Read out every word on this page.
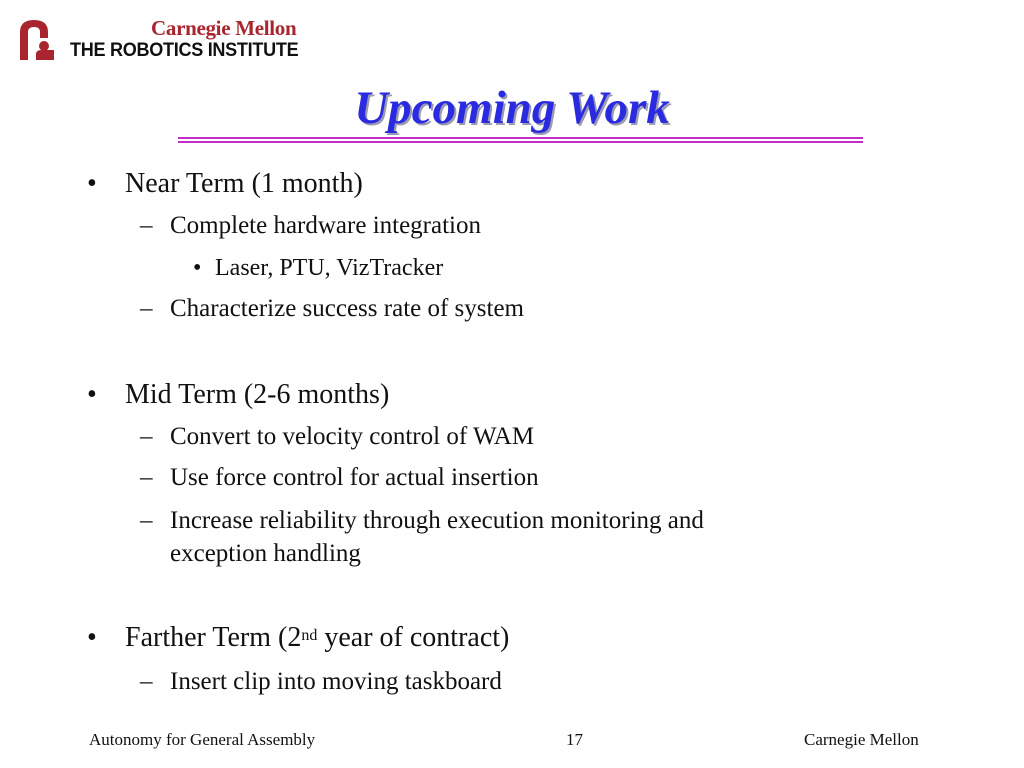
Carnegie Mellon
THE ROBOTICS INSTITUTE
Upcoming Work
• Near Term (1 month)
– Complete hardware integration
• Laser, PTU, VizTracker
– Characterize success rate of system
• Mid Term (2-6 months)
– Convert to velocity control of WAM
– Use force control for actual insertion
– Increase reliability through execution monitoring and
exception handling
• Farther Term (2nd year of contract)
– Insert clip into moving taskboard
Autonomy for General Assembly	17	Carnegie Mellon
